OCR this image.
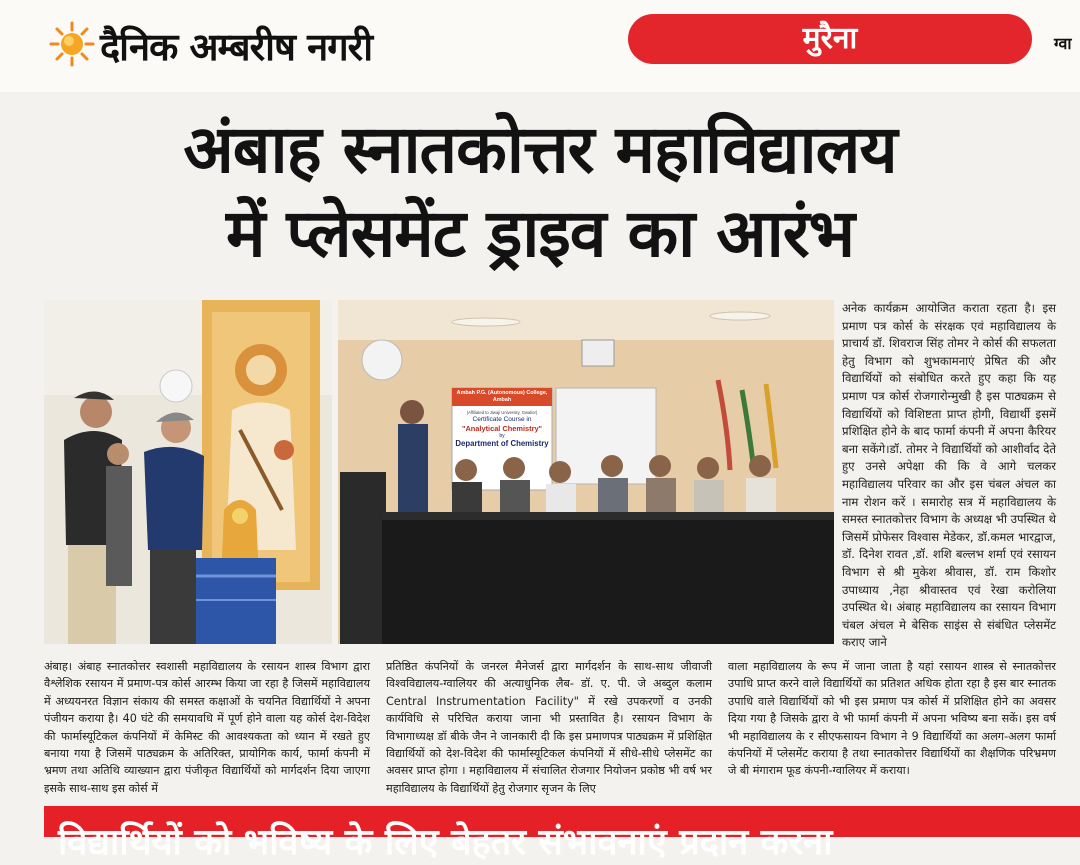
दैनिक अम्बरीष नगरी	मुरैना	ग्वा
अंबाह स्नातकोत्तर महाविद्यालय
में प्लेसमेंट ड्राइव का आरंभ
Ambah P.G. (Autonomous) College, Ambah
(Affiliated to Jiwaji University, Gwalior)
Certificate Course in
"Analytical Chemistry"
by
Department of Chemistry

अनेक कार्यक्रम आयोजित कराता रहता है। इस प्रमाण पत्र कोर्स के संरक्षक एवं महाविद्यालय के प्राचार्य डॉ. शिवराज सिंह तोमर ने कोर्स की सफलता हेतु विभाग को शुभकामनाएं प्रेषित की और विद्यार्थियों को संबोधित करते हुए कहा कि यह प्रमाण पत्र कोर्स रोजगारोन्मुखी है इस पाठ्यक्रम से विद्यार्थियों को विशिष्टता प्राप्त होगी, विद्यार्थी इसमें प्रशिक्षित होने के बाद फार्मा कंपनी में अपना कैरियर बना सकेंगे।डॉ. तोमर ने विद्यार्थियों को आशीर्वाद देते हुए उनसे अपेक्षा की कि वे आगे चलकर महाविद्यालय परिवार का और इस चंबल अंचल का नाम रोशन करें । समारोह सत्र में महाविद्यालय के समस्त स्नातकोत्तर विभाग के अध्यक्ष भी उपस्थित थे जिसमें प्रोफेसर विश्वास मेडेकर, डॉ.कमल भारद्वाज, डॉ. दिनेश रावत ,डॉ. शशि बल्लभ शर्मा एवं रसायन विभाग से श्री मुकेश श्रीवास, डॉ. राम किशोर उपाध्याय ,नेहा श्रीवास्तव एवं रेखा करोलिया उपस्थित थे। अंबाह महाविद्यालय का रसायन विभाग चंबल अंचल मे बेसिक साइंस से संबंधित प्लेसमेंट कराए जाने

अंबाह। अंबाह स्नातकोत्तर स्वशासी महाविद्यालय के रसायन शास्त्र विभाग द्वारा वैश्लेशिक रसायन में प्रमाण-पत्र कोर्स आरम्भ किया जा रहा है जिसमें महाविद्यालय में अध्ययनरत विज्ञान संकाय की समस्त कक्षाओं के चयनित विद्यार्थियों ने अपना पंजीयन कराया है। 40 घंटे की समयावधि में पूर्ण होने वाला यह कोर्स देश-विदेश की फार्मास्यूटिकल कंपनियों में केमिस्ट की आवश्यकता को ध्यान में रखते हुए बनाया गया है जिसमें पाठ्यक्रम के अतिरिक्त, प्रायोगिक कार्य, फार्मा कंपनी में भ्रमण तथा अतिथि व्याख्यान द्वारा पंजीकृत विद्यार्थियों को मार्गदर्शन दिया जाएगा इसके साथ-साथ इस कोर्स में

प्रतिष्ठित कंपनियों के जनरल मैनेजर्स द्वारा मार्गदर्शन के साथ-साथ जीवाजी विश्वविद्यालय-ग्वालियर की अत्याधुनिक लैब- डॉ. ए. पी. जे अब्दुल कलाम Central Instrumentation Facility" में रखे उपकरणों व उनकी कार्यविधि से परिचित कराया जाना भी प्रस्तावित है। रसायन विभाग के विभागाध्यक्ष डॉ बीके जैन ने जानकारी दी कि इस प्रमाणपत्र पाठ्यक्रम में प्रशिक्षित विद्यार्थियों को देश-विदेश की फार्मास्यूटिकल कंपनियों में सीधे-सीधे प्लेसमेंट का अवसर प्राप्त होगा । महाविद्यालय में संचालित रोजगार नियोजन प्रकोष्ठ भी वर्ष भर महाविद्यालय के विद्यार्थियों हेतु रोजगार सृजन के लिए

वाला महाविद्यालय के रूप में जाना जाता है यहां रसायन शास्त्र से स्नातकोत्तर उपाधि प्राप्त करने वाले विद्यार्थियों का प्रतिशत अधिक होता रहा है इस बार स्नातक उपाधि वाले विद्यार्थियों को भी इस प्रमाण पत्र कोर्स में प्रशिक्षित होने का अवसर दिया गया है जिसके द्वारा वे भी फार्मा कंपनी में अपना भविष्य बना सकें। इस वर्ष भी महाविद्यालय के र सीएफसायन विभाग ने 9 विद्यार्थियों का अलग-अलग फार्मा कंपनियों में प्लेसमेंट कराया है तथा स्नातकोत्तर विद्यार्थियों का शैक्षणिक परिभ्रमण जे बी मंगाराम फूड कंपनी-ग्वालियर में कराया।

विद्यार्थियों को भविष्य के लिए बेहतर संभावनाएं प्रदान करना
